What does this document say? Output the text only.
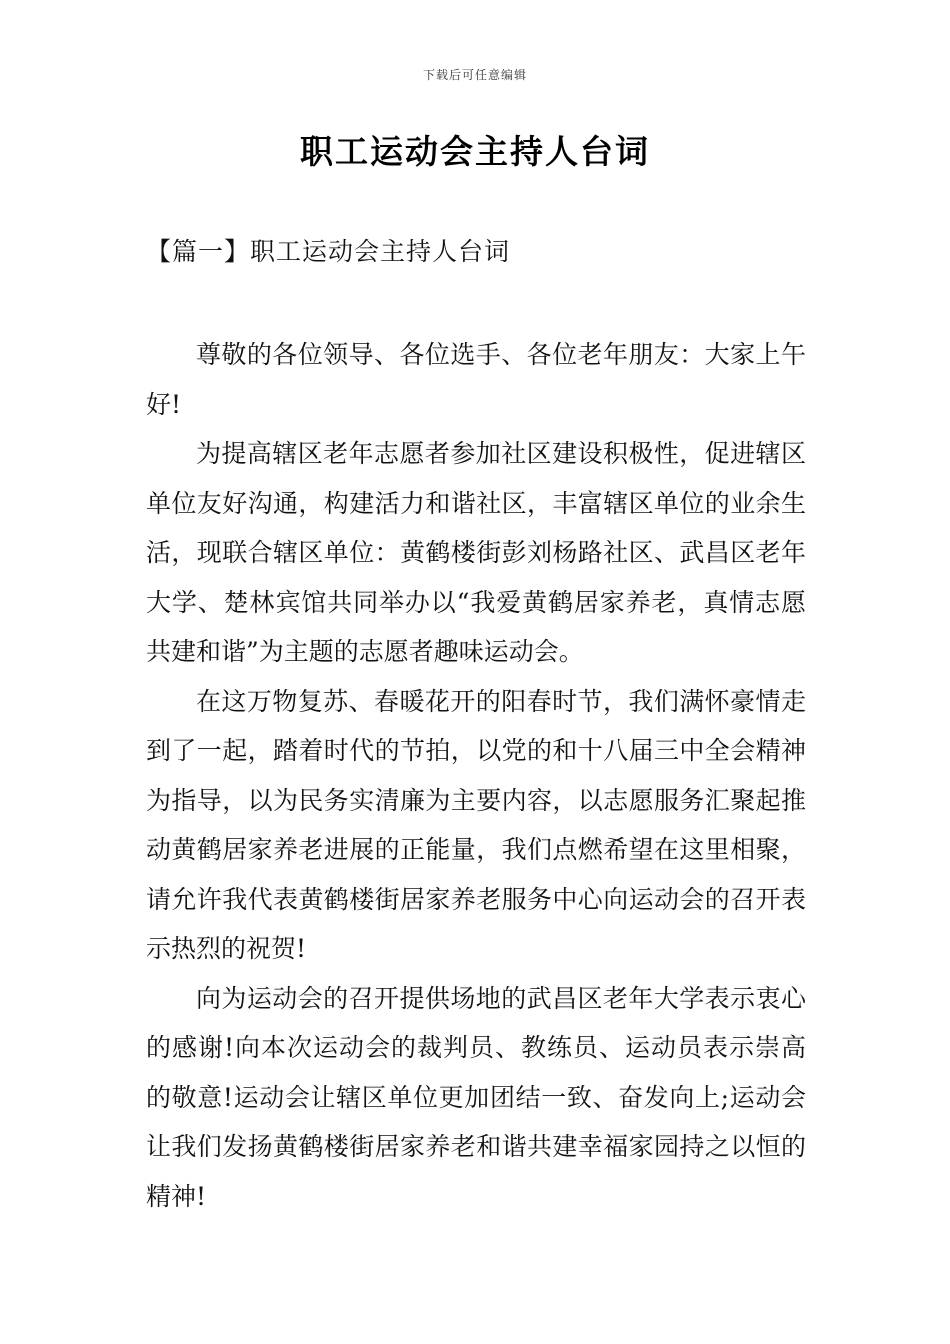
下载后可任意编辑
职工运动会主持人台词
【篇一】职工运动会主持人台词

尊敬的各位领导、各位选手、各位老年朋友：大家上午好!

为提高辖区老年志愿者参加社区建设积极性，促进辖区单位友好沟通，构建活力和谐社区，丰富辖区单位的业余生活，现联合辖区单位：黄鹤楼街彭刘杨路社区、武昌区老年大学、楚林宾馆共同举办以“我爱黄鹤居家养老，真情志愿共建和谐”为主题的志愿者趣味运动会。

在这万物复苏、春暖花开的阳春时节，我们满怀豪情走到了一起，踏着时代的节拍，以党的和十八届三中全会精神为指导，以为民务实清廉为主要内容，以志愿服务汇聚起推动黄鹤居家养老进展的正能量，我们点燃希望在这里相聚，请允许我代表黄鹤楼街居家养老服务中心向运动会的召开表示热烈的祝贺!

向为运动会的召开提供场地的武昌区老年大学表示衷心的感谢!向本次运动会的裁判员、教练员、运动员表示崇高的敬意!运动会让辖区单位更加团结一致、奋发向上;运动会让我们发扬黄鹤楼街居家养老和谐共建幸福家园持之以恒的精神!
